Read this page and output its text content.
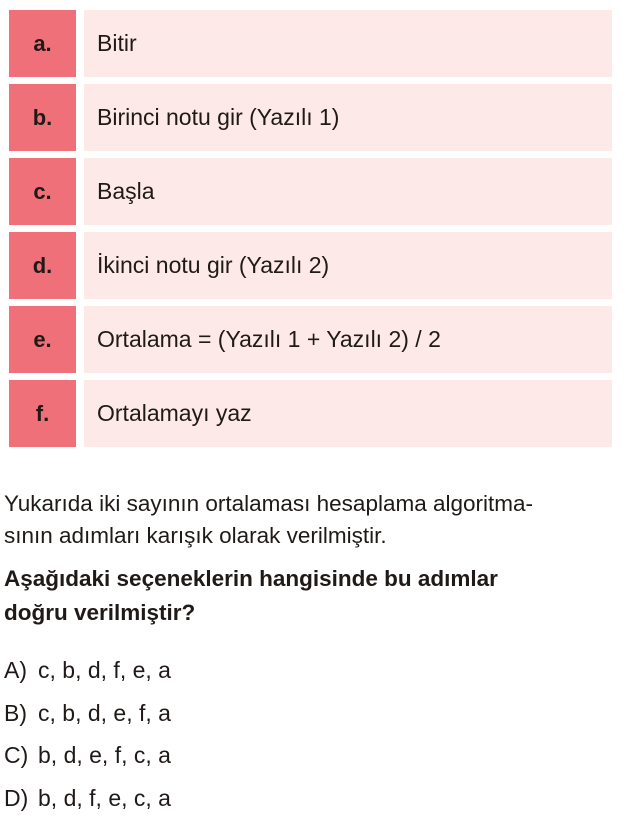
a.	Bitir
b.	Birinci notu gir (Yazılı 1)
c.	Başla
d.	İkinci notu gir (Yazılı 2)
e.	Ortalama = (Yazılı 1 + Yazılı 2) / 2
f.	Ortalamayı yaz

Yukarıda iki sayının ortalaması hesaplama algoritma-
sının adımları karışık olarak verilmiştir.

Aşağıdaki seçeneklerin hangisinde bu adımlar
doğru verilmiştir?

A) c, b, d, f, e, a
B) c, b, d, e, f, a
C) b, d, e, f, c, a
D) b, d, f, e, c, a
